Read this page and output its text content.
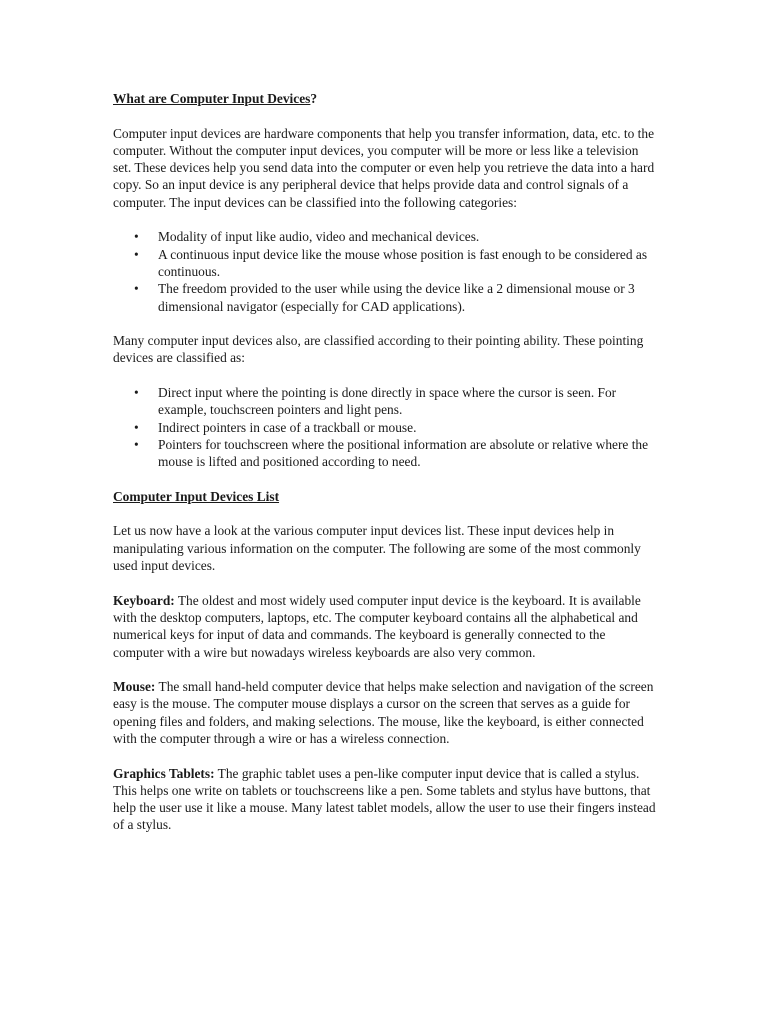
What are Computer Input Devices?

Computer input devices are hardware components that help you transfer information, data, etc. to the computer. Without the computer input devices, you computer will be more or less like a television set. These devices help you send data into the computer or even help you retrieve the data into a hard copy. So an input device is any peripheral device that helps provide data and control signals of a computer. The input devices can be classified into the following categories:

• Modality of input like audio, video and mechanical devices.
• A continuous input device like the mouse whose position is fast enough to be considered as continuous.
• The freedom provided to the user while using the device like a 2 dimensional mouse or 3 dimensional navigator (especially for CAD applications).

Many computer input devices also, are classified according to their pointing ability. These pointing devices are classified as:

• Direct input where the pointing is done directly in space where the cursor is seen. For example, touchscreen pointers and light pens.
• Indirect pointers in case of a trackball or mouse.
• Pointers for touchscreen where the positional information are absolute or relative where the mouse is lifted and positioned according to need.
Computer Input Devices List

Let us now have a look at the various computer input devices list. These input devices help in manipulating various information on the computer. The following are some of the most commonly used input devices.

Keyboard: The oldest and most widely used computer input device is the keyboard. It is available with the desktop computers, laptops, etc. The computer keyboard contains all the alphabetical and numerical keys for input of data and commands. The keyboard is generally connected to the computer with a wire but nowadays wireless keyboards are also very common.

Mouse: The small hand-held computer device that helps make selection and navigation of the screen easy is the mouse. The computer mouse displays a cursor on the screen that serves as a guide for opening files and folders, and making selections. The mouse, like the keyboard, is either connected with the computer through a wire or has a wireless connection.

Graphics Tablets: The graphic tablet uses a pen-like computer input device that is called a stylus. This helps one write on tablets or touchscreens like a pen. Some tablets and stylus have buttons, that help the user use it like a mouse. Many latest tablet models, allow the user to use their fingers instead of a stylus.
